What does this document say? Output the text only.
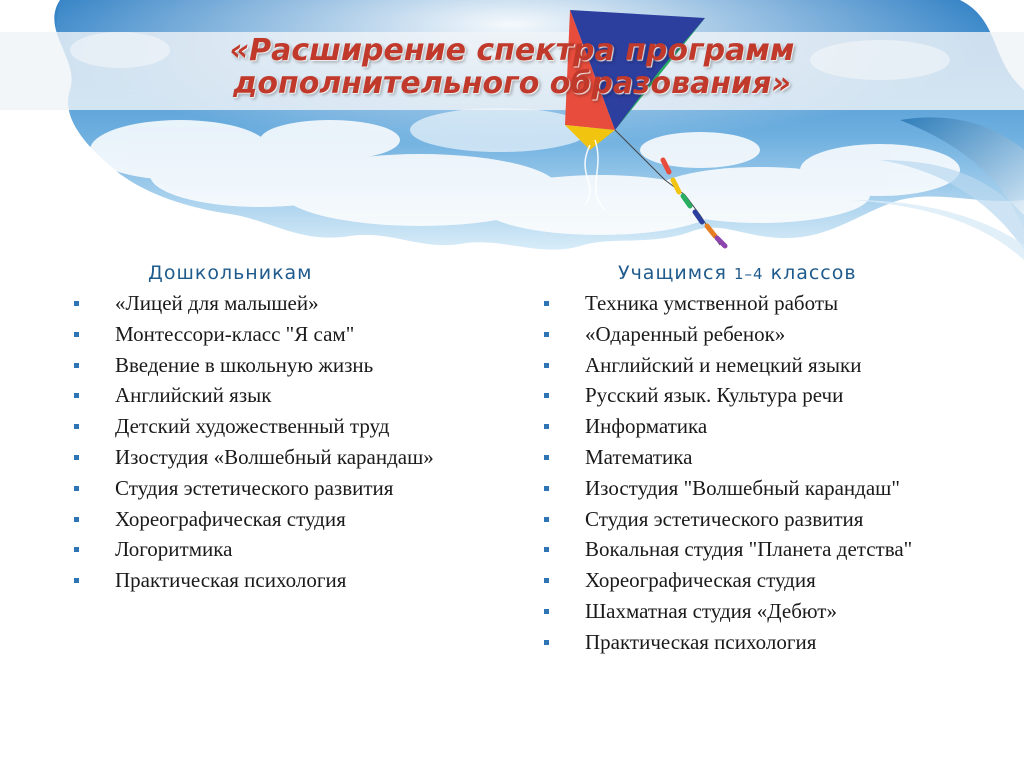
«Расширение спектра программ
дополнительного образования»
Дошкольникам
«Лицей для малышей»
Монтессори-класс "Я сам"
Введение в школьную жизнь
Английский язык
Детский художественный труд
Изостудия «Волшебный карандаш»
Студия эстетического развития
Хореографическая студия
Логоритмика
Практическая психология
Учащимся 1–4 классов
Техника умственной работы
«Одаренный ребенок»
Английский и немецкий языки
Русский язык. Культура речи
Информатика
Математика
Изостудия "Волшебный карандаш"
Студия эстетического развития
Вокальная студия "Планета детства"
Хореографическая студия
Шахматная студия «Дебют»
Практическая психология
